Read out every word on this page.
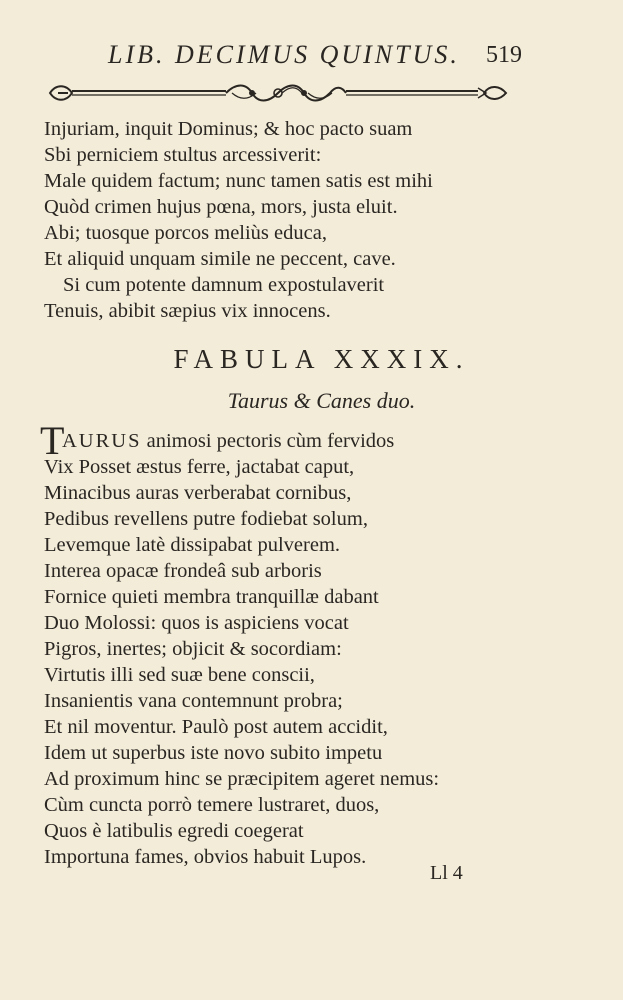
LIB. DECIMUS QUINTUS. 519
Injuriam, inquit Dominus; & hoc pacto suam
Sbi perniciem stultus arcessiverit:
Male quidem factum; nunc tamen satis est mihi
Quòd crimen hujus pœna, mors, justa eluit.
Abi; tuosque porcos meliùs educa,
Et aliquid unquam simile ne peccent, cave.
Si cum potente damnum expostulaverit
Tenuis, abibit sæpius vix innocens.
FABULA XXXIX.
Taurus & Canes duo.
T
AURUS animosi pectoris cùm fervidos
Vix Posset æstus ferre, jactabat caput,
Minacibus auras verberabat cornibus,
Pedibus revellens putre fodiebat solum,
Levemque latè dissipabat pulverem.
Interea opacæ frondeâ sub arboris
Fornice quieti membra tranquillæ dabant
Duo Molossi: quos is aspiciens vocat
Pigros, inertes; objicit & socordiam:
Virtutis illi sed suæ bene conscii,
Insanientis vana contemnunt probra;
Et nil moventur. Paulò post autem accidit,
Idem ut superbus iste novo subito impetu
Ad proximum hinc se præcipitem ageret nemus:
Cùm cuncta porrò temere lustraret, duos,
Quos è latibulis egredi coegerat
Importuna fames, obvios habuit Lupos.
Ll 4
